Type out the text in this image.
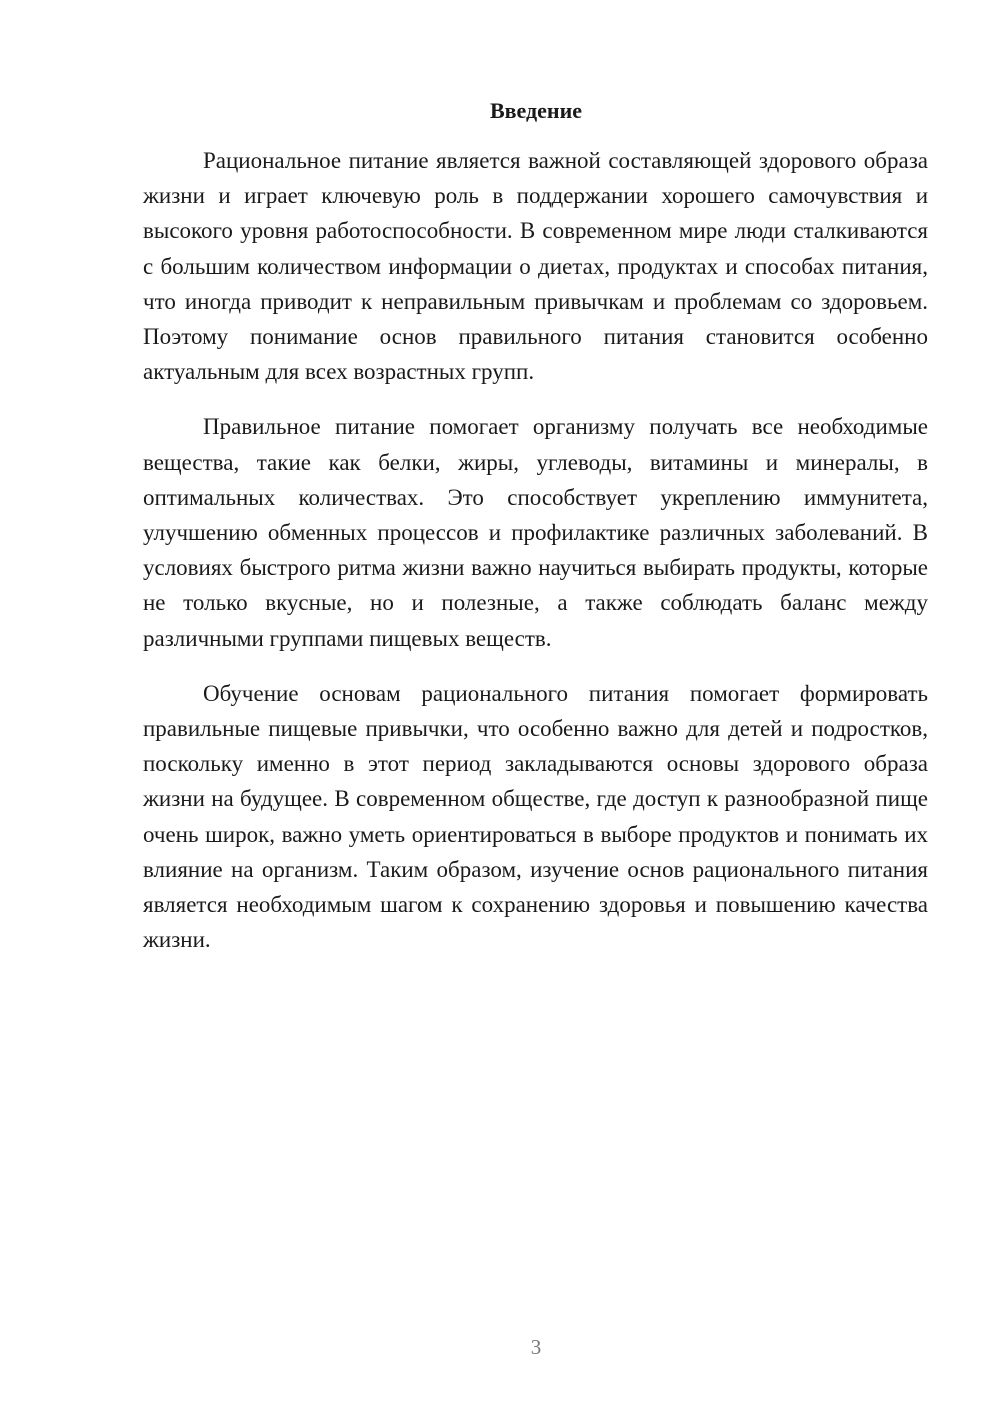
Введение

Рациональное питание является важной составляющей здорового образа жизни и играет ключевую роль в поддержании хорошего самочувствия и высокого уровня работоспособности. В современном мире люди сталкиваются с большим количеством информации о диетах, продуктах и способах питания, что иногда приводит к неправильным привычкам и проблемам со здоровьем. Поэтому понимание основ правильного питания становится особенно актуальным для всех возрастных групп.

Правильное питание помогает организму получать все необходимые вещества, такие как белки, жиры, углеводы, витамины и минералы, в оптимальных количествах. Это способствует укреплению иммунитета, улучшению обменных процессов и профилактике различных заболеваний. В условиях быстрого ритма жизни важно научиться выбирать продукты, которые не только вкусные, но и полезные, а также соблюдать баланс между различными группами пищевых веществ.

Обучение основам рационального питания помогает формировать правильные пищевые привычки, что особенно важно для детей и подростков, поскольку именно в этот период закладываются основы здорового образа жизни на будущее. В современном обществе, где доступ к разнообразной пище очень широк, важно уметь ориентироваться в выборе продуктов и понимать их влияние на организм. Таким образом, изучение основ рационального питания является необходимым шагом к сохранению здоровья и повышению качества жизни.

3
